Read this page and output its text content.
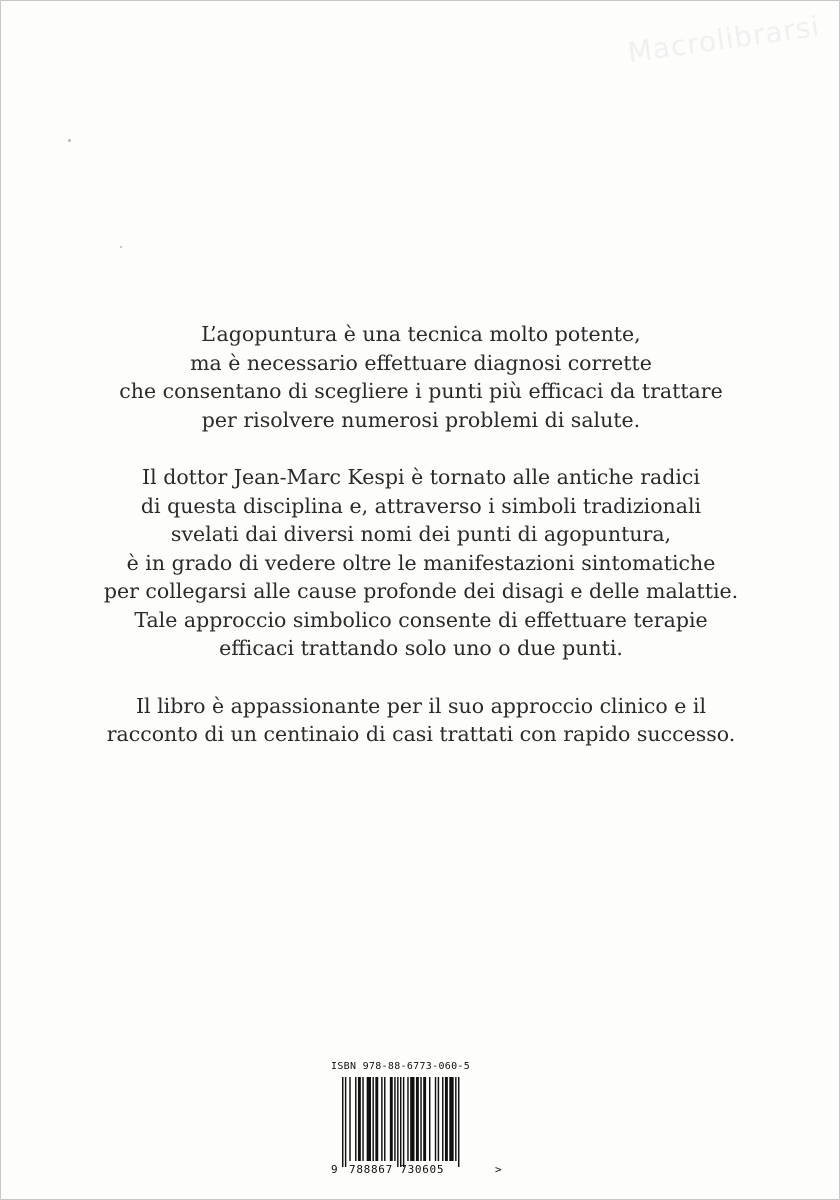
Macrolibrarsi

L’agopuntura è una tecnica molto potente,
ma è necessario effettuare diagnosi corrette
che consentano di scegliere i punti più efficaci da trattare
per risolvere numerosi problemi di salute.

Il dottor Jean-Marc Kespi è tornato alle antiche radici
di questa disciplina e, attraverso i simboli tradizionali
svelati dai diversi nomi dei punti di agopuntura,
è in grado di vedere oltre le manifestazioni sintomatiche
per collegarsi alle cause profonde dei disagi e delle malattie.
Tale approccio simbolico consente di effettuare terapie
efficaci trattando solo uno o due punti.

Il libro è appassionante per il suo approccio clinico e il
racconto di un centinaio di casi trattati con rapido successo.

ISBN 978-88-6773-060-5
9 788867 730605	>
